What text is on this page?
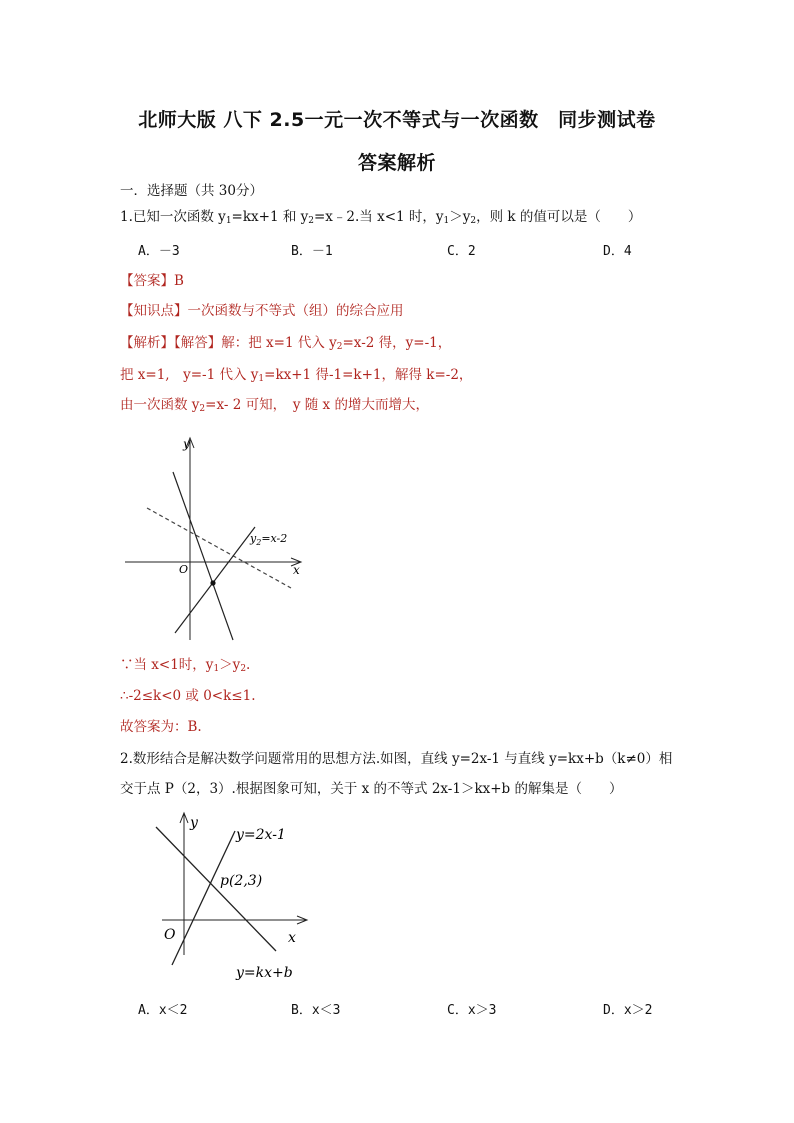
北师大版 八下 2.5一元一次不等式与一次函数　同步测试卷
答案解析
一．选择题（共 30分）
1.已知一次函数 $y_1=kx+1$ 和 $y_2=x﹣2$.当 x<1 时，$y_1>y_2$，则 k 的值可以是（　　）
A．－3	B．－1	C．2	D．4
【答案】B
【知识点】一次函数与不等式（组）的综合应用
【解析】【解答】解：把 x=1 代入 $y_2=x-2$ 得，y=-1，
把 x=1,　y=-1 代入 $y_1=kx+1$ 得-1=k+1，解得 k=-2，
由一次函数 $y_2=x-$ 2 可知，　y 随 x 的增大而增大，
y
x
O
$y_2=x-2$
∵当 x<1时，$y_1>y_2$.
∴-2≤k<0 或 0<k≤1.
故答案为：B.
2.数形结合是解决数学问题常用的思想方法.如图，直线 y=2x-1 与直线 y=kx+b（k≠0）相
交于点 P（2，3）.根据图象可知，关于 x 的不等式 2x-1＞kx+b 的解集是（　　）
y
x
O
y=2x-1
p(2,3)
y=kx+b
A．x＜2	B．x＜3	C．x＞3	D．x＞2
